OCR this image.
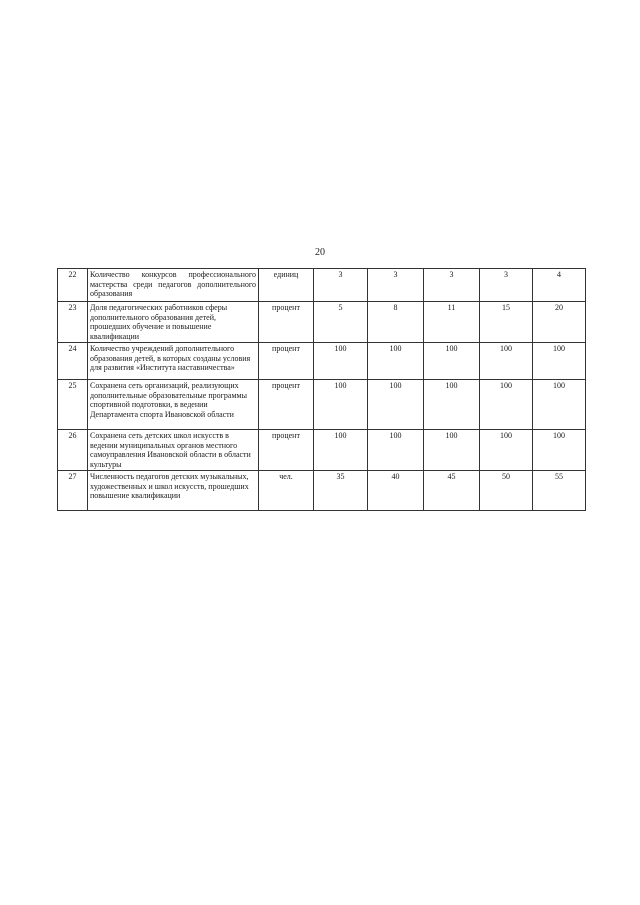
20
22	Количество конкурсов профессионального мастерства среди педагогов дополнительного образования	единиц	3	3	3	3	4
23	Доля педагогических работников сферы дополнительного образования детей, прошедших обучение и повышение квалификации	процент	5	8	11	15	20
24	Количество учреждений дополнительного образования детей, в которых созданы условия для развития «Института наставничества»	процент	100	100	100	100	100
25	Сохранена сеть организаций, реализующих дополнительные образовательные программы спортивной подготовки, в ведении Департамента спорта Ивановской области	процент	100	100	100	100	100
26	Сохранена сеть детских школ искусств в ведении муниципальных органов местного самоуправления Ивановской области в области культуры	процент	100	100	100	100	100
27	Численность педагогов детских музыкальных, художественных и школ искусств, прошедших повышение квалификации	чел.	35	40	45	50	55
